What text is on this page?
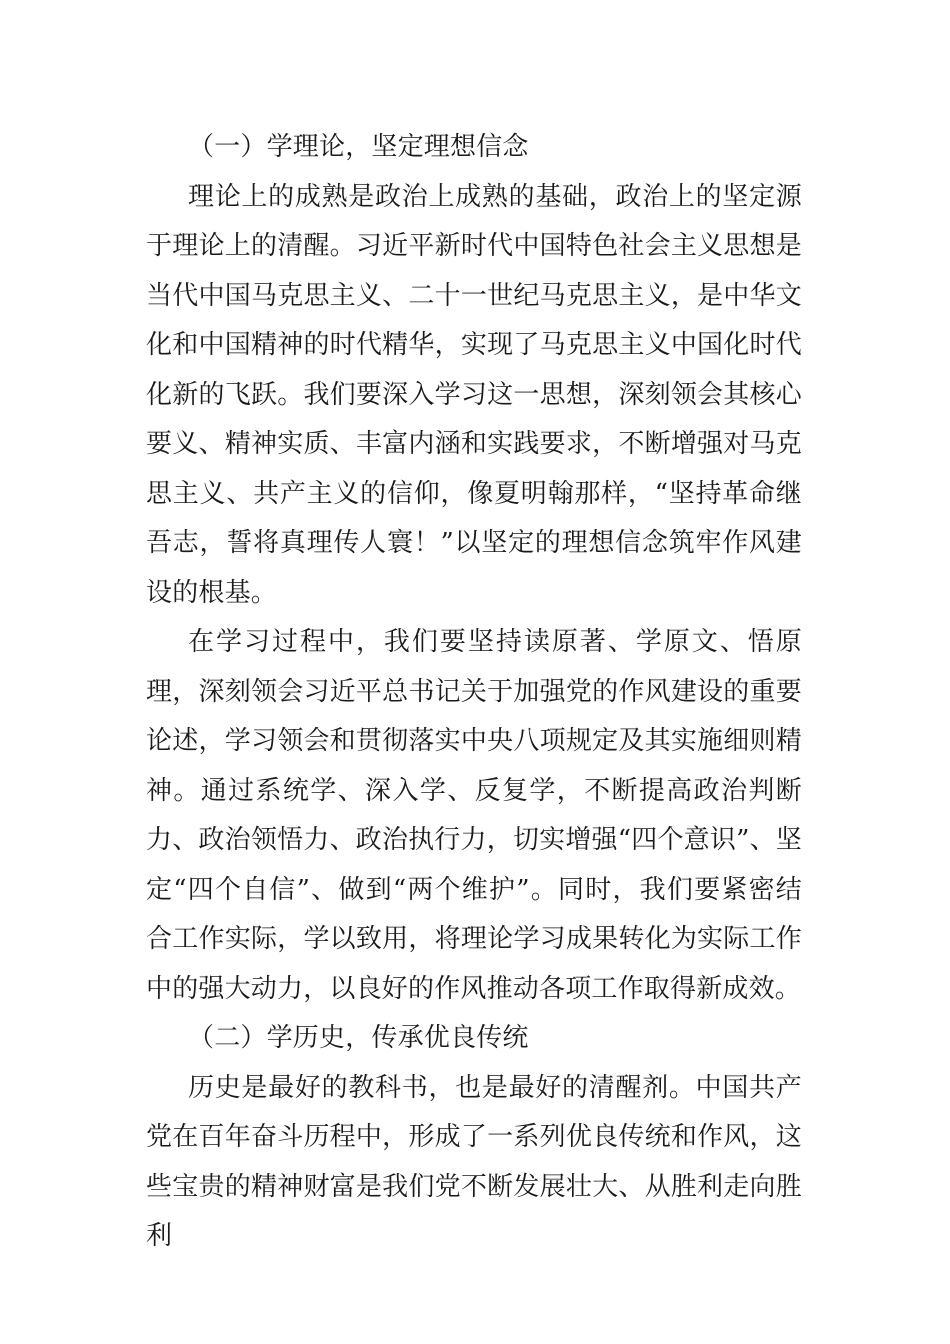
（一）学理论，坚定理想信念

理论上的成熟是政治上成熟的基础，政治上的坚定源于理论上的清醒。习近平新时代中国特色社会主义思想是当代中国马克思主义、二十一世纪马克思主义，是中华文化和中国精神的时代精华，实现了马克思主义中国化时代化新的飞跃。我们要深入学习这一思想，深刻领会其核心要义、精神实质、丰富内涵和实践要求，不断增强对马克思主义、共产主义的信仰，像夏明翰那样，“坚持革命继吾志，誓将真理传人寰！”以坚定的理想信念筑牢作风建设的根基。

在学习过程中，我们要坚持读原著、学原文、悟原理，深刻领会习近平总书记关于加强党的作风建设的重要论述，学习领会和贯彻落实中央八项规定及其实施细则精神。通过系统学、深入学、反复学，不断提高政治判断力、政治领悟力、政治执行力，切实增强“四个意识”、坚定“四个自信”、做到“两个维护”。同时，我们要紧密结合工作实际，学以致用，将理论学习成果转化为实际工作中的强大动力，以良好的作风推动各项工作取得新成效。

（二）学历史，传承优良传统

历史是最好的教科书，也是最好的清醒剂。中国共产党在百年奋斗历程中，形成了一系列优良传统和作风，这些宝贵的精神财富是我们党不断发展壮大、从胜利走向胜利
